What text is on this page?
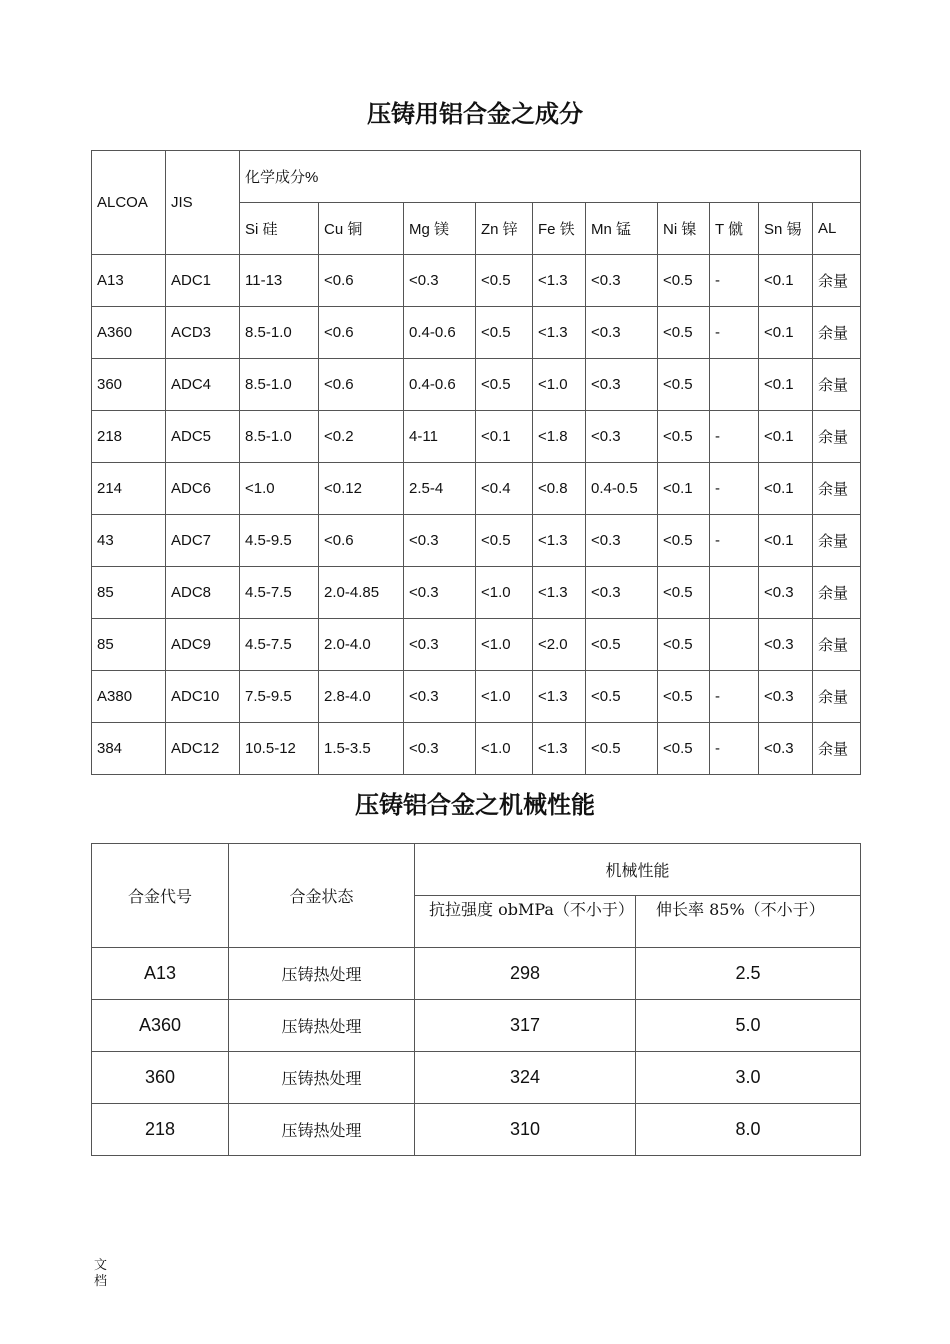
压铸用铝合金之成分
ALCOA	JIS	化学成分%									
		Si 硅	Cu 铜	Mg 镁	Zn 锌	Fe 铁	Mn 锰	Ni 镍	T 僦	Sn 锡	AL
A13	ADC1	11-13	<0.6	<0.3	<0.5	<1.3	<0.3	<0.5	-	<0.1	余量
A360	ACD3	8.5-1.0	<0.6	0.4-0.6	<0.5	<1.3	<0.3	<0.5	-	<0.1	余量
360	ADC4	8.5-1.0	<0.6	0.4-0.6	<0.5	<1.0	<0.3	<0.5		<0.1	余量
218	ADC5	8.5-1.0	<0.2	4-11	<0.1	<1.8	<0.3	<0.5	-	<0.1	余量
214	ADC6	<1.0	<0.12	2.5-4	<0.4	<0.8	0.4-0.5	<0.1	-	<0.1	余量
43	ADC7	4.5-9.5	<0.6	<0.3	<0.5	<1.3	<0.3	<0.5	-	<0.1	余量
85	ADC8	4.5-7.5	2.0-4.85	<0.3	<1.0	<1.3	<0.3	<0.5		<0.3	余量
85	ADC9	4.5-7.5	2.0-4.0	<0.3	<1.0	<2.0	<0.5	<0.5		<0.3	余量
A380	ADC10	7.5-9.5	2.8-4.0	<0.3	<1.0	<1.3	<0.5	<0.5	-	<0.3	余量
384	ADC12	10.5-12	1.5-3.5	<0.3	<1.0	<1.3	<0.5	<0.5	-	<0.3	余量
压铸铝合金之机械性能
合金代号	合金状态	机械性能	
		抗拉强度 obMPa（不小于）	伸长率 85%（不小于）
A13	压铸热处理	298	2.5
A360	压铸热处理	317	5.0
360	压铸热处理	324	3.0
218	压铸热处理	310	8.0
文档
